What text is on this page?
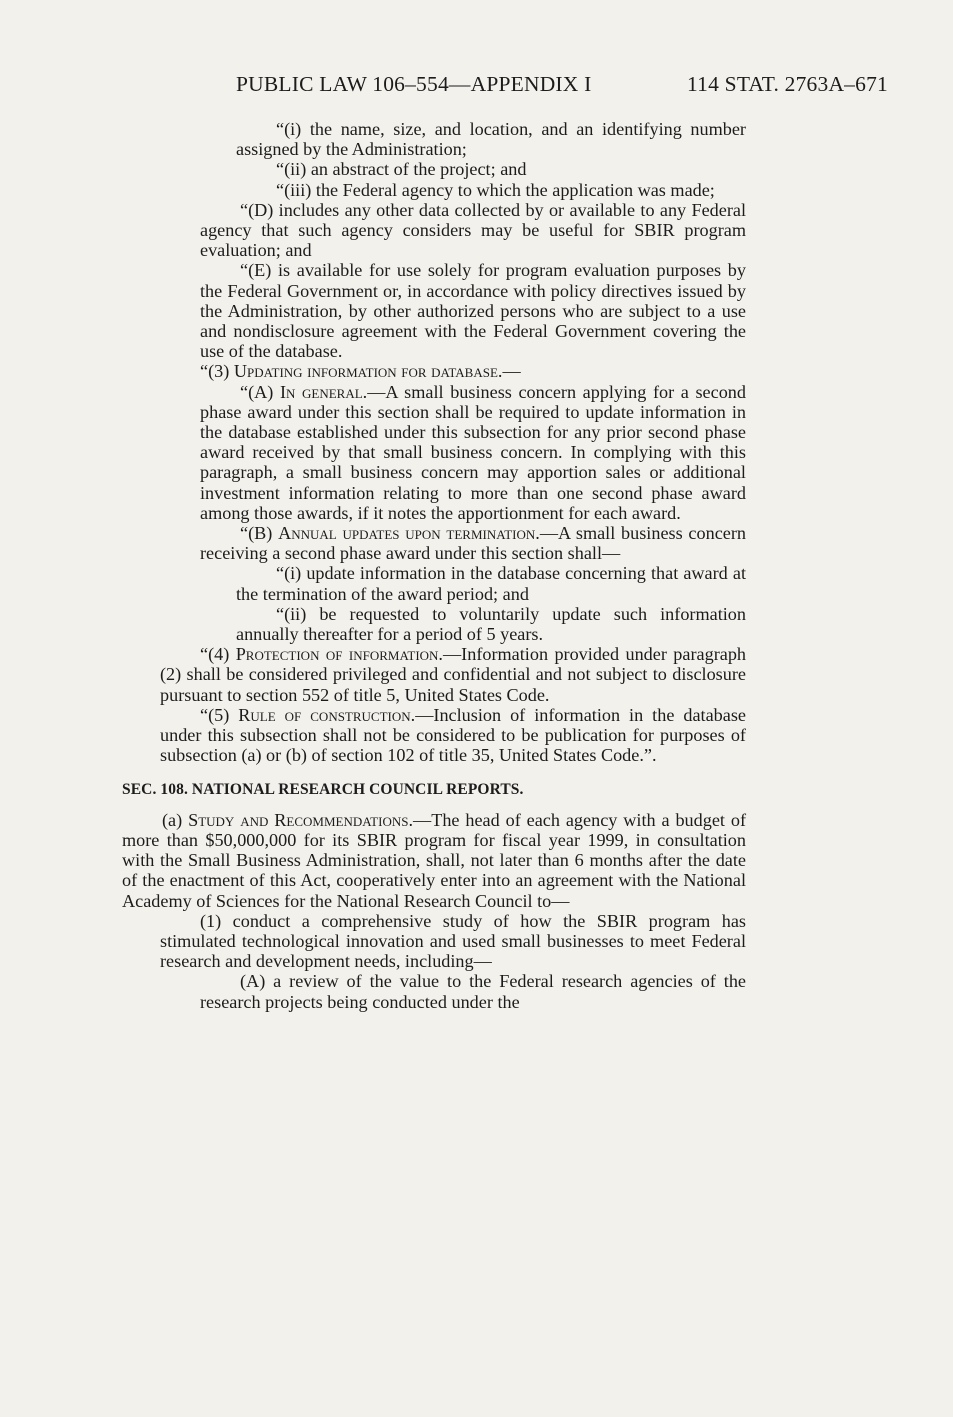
PUBLIC LAW 106–554—APPENDIX I	114 STAT. 2763A–671

“(i) the name, size, and location, and an identifying number assigned by the Administration;

“(ii) an abstract of the project; and

“(iii) the Federal agency to which the application was made;

“(D) includes any other data collected by or available to any Federal agency that such agency considers may be useful for SBIR program evaluation; and

“(E) is available for use solely for program evaluation purposes by the Federal Government or, in accordance with policy directives issued by the Administration, by other authorized persons who are subject to a use and nondisclosure agreement with the Federal Government covering the use of the database.

“(3) Updating information for database.—

“(A) In general.—A small business concern applying for a second phase award under this section shall be required to update information in the database established under this subsection for any prior second phase award received by that small business concern. In complying with this paragraph, a small business concern may apportion sales or additional investment information relating to more than one second phase award among those awards, if it notes the apportionment for each award.

“(B) Annual updates upon termination.—A small business concern receiving a second phase award under this section shall—

“(i) update information in the database concerning that award at the termination of the award period; and

“(ii) be requested to voluntarily update such information annually thereafter for a period of 5 years.

“(4) Protection of information.—Information provided under paragraph (2) shall be considered privileged and confidential and not subject to disclosure pursuant to section 552 of title 5, United States Code.

“(5) Rule of construction.—Inclusion of information in the database under this subsection shall not be considered to be publication for purposes of subsection (a) or (b) of section 102 of title 35, United States Code.”.

SEC. 108. NATIONAL RESEARCH COUNCIL REPORTS.

(a) Study and Recommendations.—The head of each agency with a budget of more than $50,000,000 for its SBIR program for fiscal year 1999, in consultation with the Small Business Administration, shall, not later than 6 months after the date of the enactment of this Act, cooperatively enter into an agreement with the National Academy of Sciences for the National Research Council to—

(1) conduct a comprehensive study of how the SBIR program has stimulated technological innovation and used small businesses to meet Federal research and development needs, including—

(A) a review of the value to the Federal research agencies of the research projects being conducted under the
